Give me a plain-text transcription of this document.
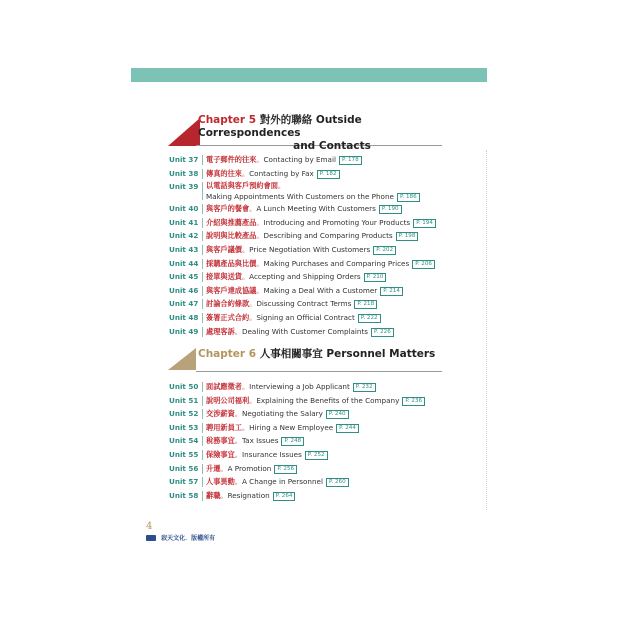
Chapter 5 對外的聯絡 Outside Correspondences
and Contacts
Unit 37 電子郵件的往來。Contacting by Email P. 178
Unit 38 傳真的往來。Contacting by Fax P. 182
Unit 39 以電話與客戶預約會面。
Making Appointments With Customers on the Phone P. 186
Unit 40 與客戶的餐會。A Lunch Meeting With Customers P. 190
Unit 41 介紹與推薦產品。Introducing and Promoting Your Products P. 194
Unit 42 說明與比較產品。Describing and Comparing Products P. 198
Unit 43 與客戶議價。Price Negotiation With Customers P. 202
Unit 44 採購產品與比價。Making Purchases and Comparing Prices P. 206
Unit 45 接單與送貨。Accepting and Shipping Orders P. 210
Unit 46 與客戶達成協議。Making a Deal With a Customer P. 214
Unit 47 討論合約條款。Discussing Contract Terms P. 218
Unit 48 簽署正式合約。Signing an Official Contract P. 222
Unit 49 處理客訴。Dealing With Customer Complaints P. 226
Chapter 6 人事相關事宜 Personnel Matters
Unit 50 面試應徵者。Interviewing a Job Applicant P. 232
Unit 51 說明公司福利。Explaining the Benefits of the Company P. 236
Unit 52 交涉薪資。Negotiating the Salary P. 240
Unit 53 聘用新員工。Hiring a New Employee P. 244
Unit 54 稅務事宜。Tax Issues P. 248
Unit 55 保險事宜。Insurance Issues P. 252
Unit 56 升遷。A Promotion P. 256
Unit 57 人事異動。A Change in Personnel P. 260
Unit 58 辭職。Resignation P. 264
4
寂天文化．版權所有
